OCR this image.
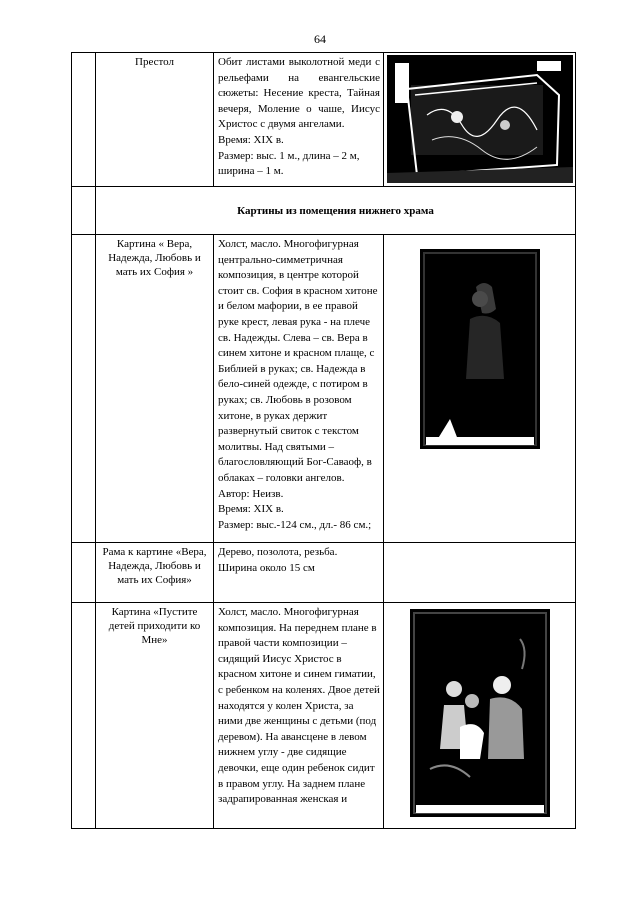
64

	Престол	Обит листами выколотной меди с рельефами на евангельские сюжеты: Несение креста, Тайная вечеря, Моление о чаше, Иисус Христос с двумя ангелами.

Время: XIX в.

Размер: выс. 1 м., длина – 2 м, ширина – 1 м.

	Картины из помещения нижнего храма		

	Картина « Вера, Надежда, Любовь и мать их София »	Холст, масло. Многофигурная центрально-симметричная композиция, в центре которой стоит св. София в красном хитоне и белом мафории, в ее правой руке крест, левая рука - на плече св. Надежды. Слева – св. Вера в синем хитоне и красном плаще, с Библией в руках; св. Надежда в бело-синей одежде, с потиром в руках; св. Любовь в розовом хитоне, в руках держит развернутый свиток с текстом молитвы. Над святыми – благословляющий Бог-Саваоф, в облаках – головки ангелов.

Автор: Неизв.

Время: XIX в.

Размер: выс.-124 см., дл.- 86 см.;

	Рама к картине «Вера, Надежда, Любовь и мать их София»	Дерево, позолота, резьба.

Ширина около 15 см	

	Картина «Пустите детей приходити ко Мне»	Холст, масло. Многофигурная композиция. На переднем плане в правой части композиции – сидящий Иисус Христос в красном хитоне и синем гиматии, с ребенком на коленях. Двое детей находятся у колен Христа, за ними две женщины с детьми (под деревом). На авансцене в левом нижнем углу - две сидящие девочки, еще один ребенок сидит в правом углу. На заднем плане задрапированная женская и
